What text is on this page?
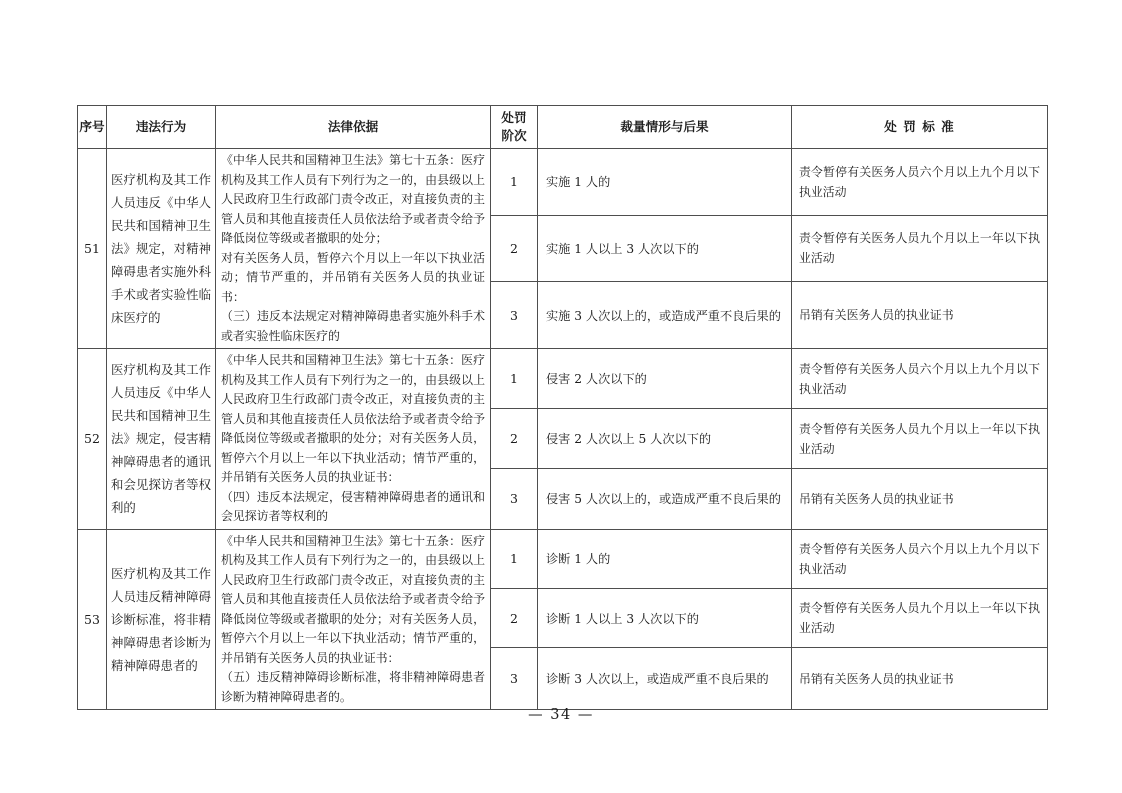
序号	违法行为	法律依据	处罚阶次	裁量情形与后果	处 罚 标 准
51	医疗机构及其工作人员违反《中华人民共和国精神卫生法》规定，对精神障碍患者实施外科手术或者实验性临床医疗的	《中华人民共和国精神卫生法》第七十五条：医疗机构及其工作人员有下列行为之一的，由县级以上人民政府卫生行政部门责令改正，对直接负责的主管人员和其他直接责任人员依法给予或者责令给予降低岗位等级或者撤职的处分；

对有关医务人员，暂停六个月以上一年以下执业活动；情节严重的，并吊销有关医务人员的执业证书：

（三）违反本法规定对精神障碍患者实施外科手术或者实验性临床医疗的	1	实施 1 人的	责令暂停有关医务人员六个月以上九个月以下执业活动
			2	实施 1 人以上 3 人次以下的	责令暂停有关医务人员九个月以上一年以下执业活动
			3	实施 3 人次以上的，或造成严重不良后果的	吊销有关医务人员的执业证书
52	医疗机构及其工作人员违反《中华人民共和国精神卫生法》规定，侵害精神障碍患者的通讯和会见探访者等权利的	《中华人民共和国精神卫生法》第七十五条：医疗机构及其工作人员有下列行为之一的，由县级以上人民政府卫生行政部门责令改正，对直接负责的主管人员和其他直接责任人员依法给予或者责令给予降低岗位等级或者撤职的处分；对有关医务人员，暂停六个月以上一年以下执业活动；情节严重的，并吊销有关医务人员的执业证书：

（四）违反本法规定，侵害精神障碍患者的通讯和会见探访者等权利的	1	侵害 2 人次以下的	责令暂停有关医务人员六个月以上九个月以下执业活动
			2	侵害 2 人次以上 5 人次以下的	责令暂停有关医务人员九个月以上一年以下执业活动
			3	侵害 5 人次以上的，或造成严重不良后果的	吊销有关医务人员的执业证书
53	医疗机构及其工作人员违反精神障碍诊断标准，将非精神障碍患者诊断为精神障碍患者的	《中华人民共和国精神卫生法》第七十五条：医疗机构及其工作人员有下列行为之一的，由县级以上人民政府卫生行政部门责令改正，对直接负责的主管人员和其他直接责任人员依法给予或者责令给予降低岗位等级或者撤职的处分；对有关医务人员，暂停六个月以上一年以下执业活动；情节严重的，并吊销有关医务人员的执业证书：

（五）违反精神障碍诊断标准，将非精神障碍患者诊断为精神障碍患者的。	1	诊断 1 人的	责令暂停有关医务人员六个月以上九个月以下执业活动
			2	诊断 1 人以上 3 人次以下的	责令暂停有关医务人员九个月以上一年以下执业活动
			3	诊断 3 人次以上，或造成严重不良后果的	吊销有关医务人员的执业证书
— 34 —
